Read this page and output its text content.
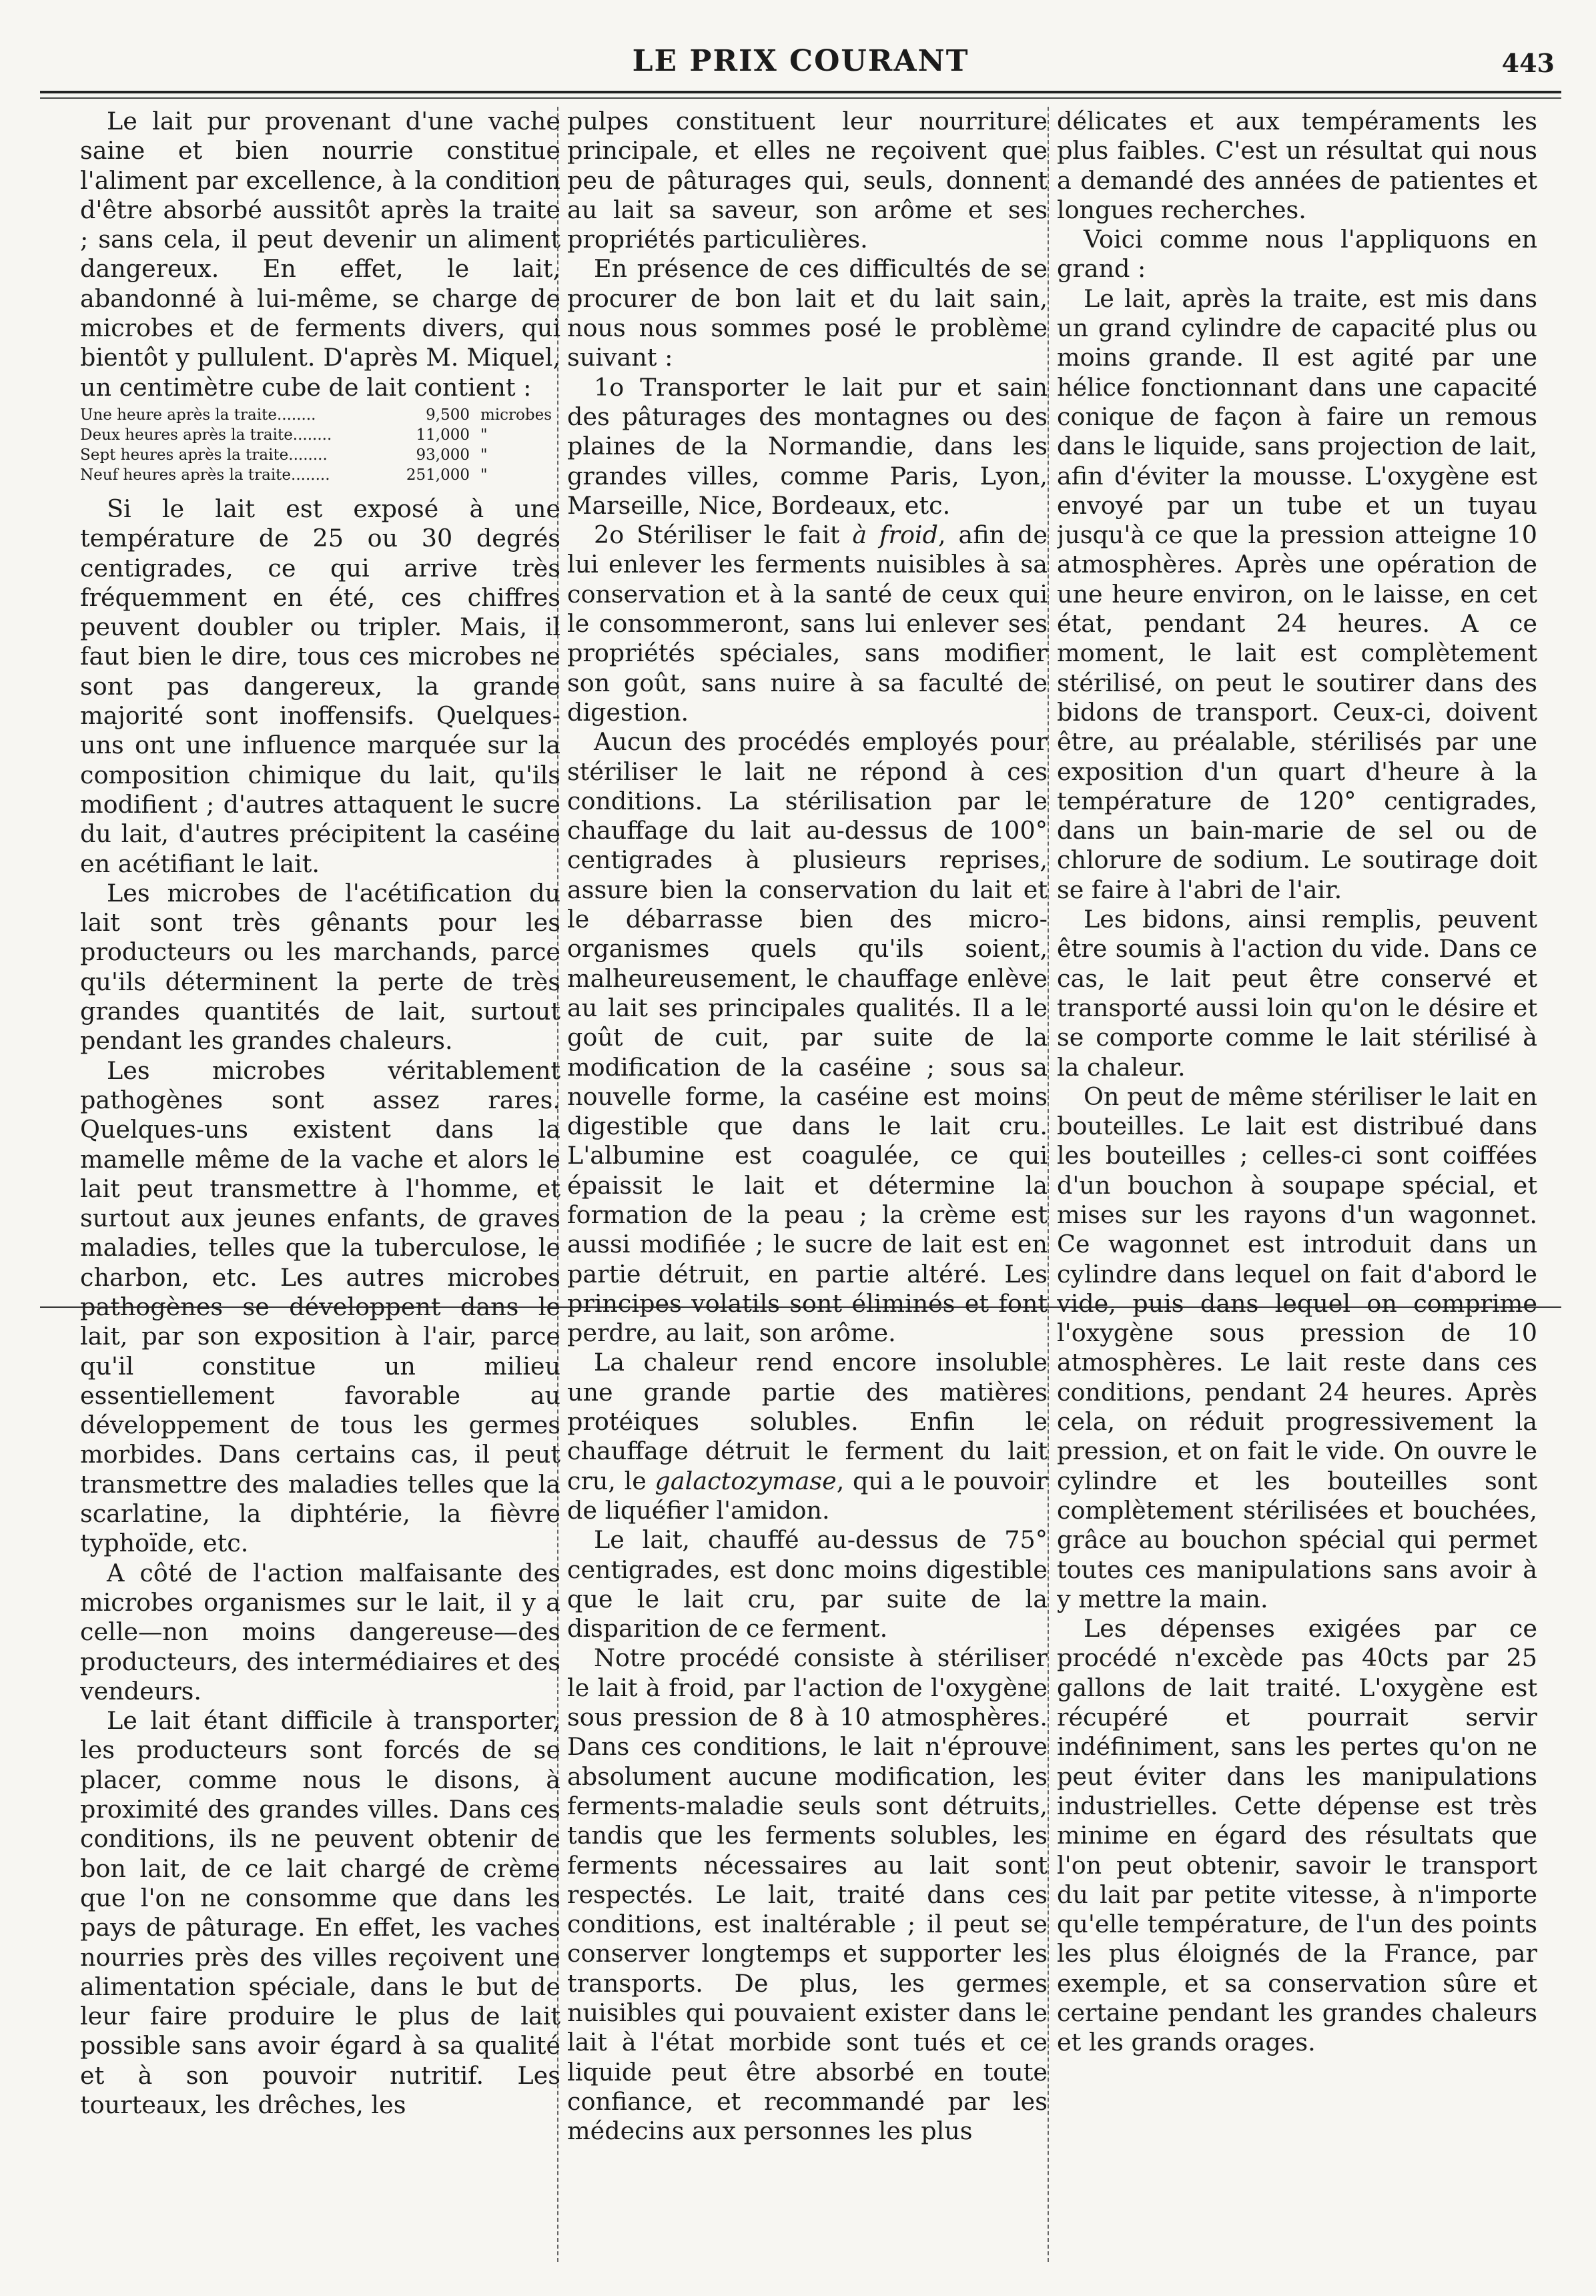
LE PRIX COURANT	443

Le lait pur provenant d'une vache saine et bien nourrie constitue l'aliment par excellence, à la condition d'être absorbé aussitôt après la traite ; sans cela, il peut devenir un aliment dangereux. En effet, le lait, abandonné à lui-même, se charge de microbes et de ferments divers, qui bientôt y pullulent. D'après M. Miquel, un centimètre cube de lait contient :

Une heure après la traite........	9,500	microbes
Deux heures après la traite........	11,000	"
Sept heures après la traite........	93,000	"
Neuf heures après la traite........	251,000	"

Si le lait est exposé à une température de 25 ou 30 degrés centigrades, ce qui arrive très fréquemment en été, ces chiffres peuvent doubler ou tripler. Mais, il faut bien le dire, tous ces microbes ne sont pas dangereux, la grande majorité sont inoffensifs. Quelques-uns ont une influence marquée sur la composition chimique du lait, qu'ils modifient ; d'autres attaquent le sucre du lait, d'autres précipitent la caséine en acétifiant le lait.

Les microbes de l'acétification du lait sont très gênants pour les producteurs ou les marchands, parce qu'ils déterminent la perte de très grandes quantités de lait, surtout pendant les grandes chaleurs.

Les microbes véritablement pathogènes sont assez rares. Quelques-uns existent dans la mamelle même de la vache et alors le lait peut transmettre à l'homme, et surtout aux jeunes enfants, de graves maladies, telles que la tuberculose, le charbon, etc. Les autres microbes pathogènes se développent dans le lait, par son exposition à l'air, parce qu'il constitue un milieu essentiellement favorable au développement de tous les germes morbides. Dans certains cas, il peut transmettre des maladies telles que la scarlatine, la diphtérie, la fièvre typhoïde, etc.

A côté de l'action malfaisante des microbes organismes sur le lait, il y a celle—non moins dangereuse—des producteurs, des intermédiaires et des vendeurs.

Le lait étant difficile à transporter, les producteurs sont forcés de se placer, comme nous le disons, à proximité des grandes villes. Dans ces conditions, ils ne peuvent obtenir de bon lait, de ce lait chargé de crème que l'on ne consomme que dans les pays de pâturage. En effet, les vaches nourries près des villes reçoivent une alimentation spéciale, dans le but de leur faire produire le plus de lait possible sans avoir égard à sa qualité et à son pouvoir nutritif. Les tourteaux, les drêches, les

pulpes constituent leur nourriture principale, et elles ne reçoivent que peu de pâturages qui, seuls, donnent au lait sa saveur, son arôme et ses propriétés particulières.

En présence de ces difficultés de se procurer de bon lait et du lait sain, nous nous sommes posé le problème suivant :

1o Transporter le lait pur et sain des pâturages des montagnes ou des plaines de la Normandie, dans les grandes villes, comme Paris, Lyon, Marseille, Nice, Bordeaux, etc.

2o Stériliser le fait à froid, afin de lui enlever les ferments nuisibles à sa conservation et à la santé de ceux qui le consommeront, sans lui enlever ses propriétés spéciales, sans modifier son goût, sans nuire à sa faculté de digestion.

Aucun des procédés employés pour stériliser le lait ne répond à ces conditions. La stérilisation par le chauffage du lait au-dessus de 100° centigrades à plusieurs reprises, assure bien la conservation du lait et le débarrasse bien des micro-organismes quels qu'ils soient, malheureusement, le chauffage enlève au lait ses principales qualités. Il a le goût de cuit, par suite de la modification de la caséine ; sous sa nouvelle forme, la caséine est moins digestible que dans le lait cru. L'albumine est coagulée, ce qui épaissit le lait et détermine la formation de la peau ; la crème est aussi modifiée ; le sucre de lait est en partie détruit, en partie altéré. Les principes volatils sont éliminés et font perdre, au lait, son arôme.

La chaleur rend encore insoluble une grande partie des matières protéiques solubles. Enfin le chauffage détruit le ferment du lait cru, le galactozymase, qui a le pouvoir de liquéfier l'amidon.

Le lait, chauffé au-dessus de 75° centigrades, est donc moins digestible que le lait cru, par suite de la disparition de ce ferment.

Notre procédé consiste à stériliser le lait à froid, par l'action de l'oxygène sous pression de 8 à 10 atmosphères. Dans ces conditions, le lait n'éprouve absolument aucune modification, les ferments-maladie seuls sont détruits, tandis que les ferments solubles, les ferments nécessaires au lait sont respectés. Le lait, traité dans ces conditions, est inaltérable ; il peut se conserver longtemps et supporter les transports. De plus, les germes nuisibles qui pouvaient exister dans le lait à l'état morbide sont tués et ce liquide peut être absorbé en toute confiance, et recommandé par les médecins aux personnes les plus

délicates et aux tempéraments les plus faibles. C'est un résultat qui nous a demandé des années de patientes et longues recherches.

Voici comme nous l'appliquons en grand :

Le lait, après la traite, est mis dans un grand cylindre de capacité plus ou moins grande. Il est agité par une hélice fonctionnant dans une capacité conique de façon à faire un remous dans le liquide, sans projection de lait, afin d'éviter la mousse. L'oxygène est envoyé par un tube et un tuyau jusqu'à ce que la pression atteigne 10 atmosphères. Après une opération de une heure environ, on le laisse, en cet état, pendant 24 heures. A ce moment, le lait est complètement stérilisé, on peut le soutirer dans des bidons de transport. Ceux-ci, doivent être, au préalable, stérilisés par une exposition d'un quart d'heure à la température de 120° centigrades, dans un bain-marie de sel ou de chlorure de sodium. Le soutirage doit se faire à l'abri de l'air.

Les bidons, ainsi remplis, peuvent être soumis à l'action du vide. Dans ce cas, le lait peut être conservé et transporté aussi loin qu'on le désire et se comporte comme le lait stérilisé à la chaleur.

On peut de même stériliser le lait en bouteilles. Le lait est distribué dans les bouteilles ; celles-ci sont coiffées d'un bouchon à soupape spécial, et mises sur les rayons d'un wagonnet. Ce wagonnet est introduit dans un cylindre dans lequel on fait d'abord le vide, puis dans lequel on comprime l'oxygène sous pression de 10 atmosphères. Le lait reste dans ces conditions, pendant 24 heures. Après cela, on réduit progressivement la pression, et on fait le vide. On ouvre le cylindre et les bouteilles sont complètement stérilisées et bouchées, grâce au bouchon spécial qui permet toutes ces manipulations sans avoir à y mettre la main.

Les dépenses exigées par ce procédé n'excède pas 40cts par 25 gallons de lait traité. L'oxygène est récupéré et pourrait servir indéfiniment, sans les pertes qu'on ne peut éviter dans les manipulations industrielles. Cette dépense est très minime en égard des résultats que l'on peut obtenir, savoir le transport du lait par petite vitesse, à n'importe qu'elle température, de l'un des points les plus éloignés de la France, par exemple, et sa conservation sûre et certaine pendant les grandes chaleurs et les grands orages.
